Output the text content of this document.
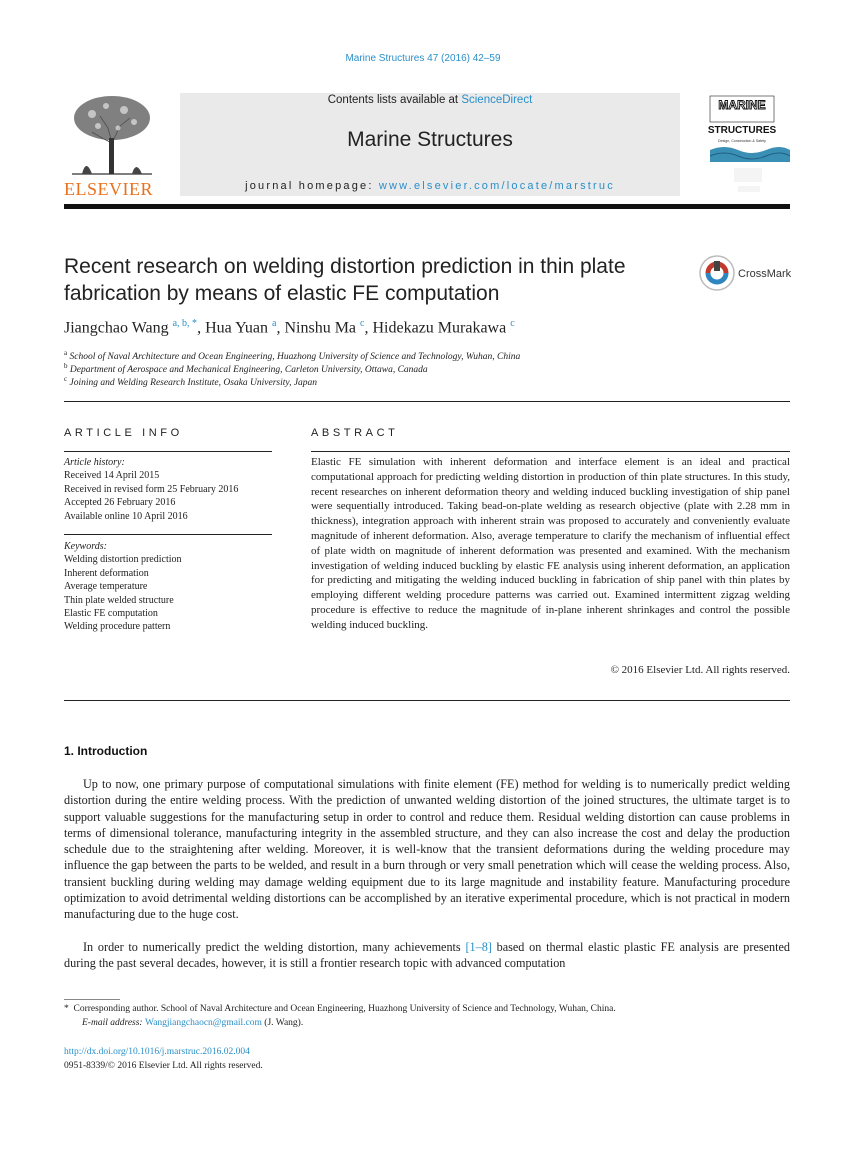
Marine Structures 47 (2016) 42–59
Contents lists available at ScienceDirect
Marine Structures
journal homepage: www.elsevier.com/locate/marstruc
ELSEVIER
MARINE
STRUCTURES
Design, Construction & Safety
Recent research on welding distortion prediction in thin plate fabrication by means of elastic FE computation
CrossMark
Jiangchao Wang $^{a, b, *}$, Hua Yuan $^a$, Ninshu Ma $^c$, Hidekazu Murakawa $^c$
$^a$ School of Naval Architecture and Ocean Engineering, Huazhong University of Science and Technology, Wuhan, China
$^b$ Department of Aerospace and Mechanical Engineering, Carleton University, Ottawa, Canada
$^c$ Joining and Welding Research Institute, Osaka University, Japan
ARTICLE INFO
Article history:
Received 14 April 2015
Received in revised form 25 February 2016
Accepted 26 February 2016
Available online 10 April 2016
Keywords:
Welding distortion prediction
Inherent deformation
Average temperature
Thin plate welded structure
Elastic FE computation
Welding procedure pattern
ABSTRACT
Elastic FE simulation with inherent deformation and interface element is an ideal and practical computational approach for predicting welding distortion in production of thin plate structures. In this study, recent researches on inherent deformation theory and welding induced buckling investigation of ship panel were sequentially introduced. Taking bead-on-plate welding as research objective (plate with 2.28 mm in thickness), integration approach with inherent strain was proposed to accurately and conveniently evaluate magnitude of inherent deformation. Also, average temperature to clarify the mechanism of influential effect of plate width on magnitude of inherent deformation was presented and examined. With the mechanism investigation of welding induced buckling by elastic FE analysis using inherent deformation, an application for predicting and mitigating the welding induced buckling in fabrication of ship panel with thin plates by employing different welding procedure patterns was carried out. Examined intermittent zigzag welding procedure is effective to reduce the magnitude of in-plane inherent shrinkages and control the possible welding induced buckling.
© 2016 Elsevier Ltd. All rights reserved.
1. Introduction
Up to now, one primary purpose of computational simulations with finite element (FE) method for welding is to numerically predict welding distortion during the entire welding process. With the prediction of unwanted welding distortion of the joined structures, the ultimate target is to support valuable suggestions for the manufacturing setup in order to control and reduce them. Residual welding distortion can cause problems in terms of dimensional tolerance, manufacturing integrity in the assembled structure, and they can also increase the cost and delay the production schedule due to the straightening after welding. Moreover, it is well-know that the transient deformations during the welding procedure may influence the gap between the parts to be welded, and result in a burn through or very small penetration which will cease the welding process. Also, transient buckling during welding may damage welding equipment due to its large magnitude and instability feature. Manufacturing procedure optimization to avoid detrimental welding distortions can be accomplished by an iterative experimental procedure, which is not practical in modern manufacturing due to the huge cost.
In order to numerically predict the welding distortion, many achievements [1–8] based on thermal elastic plastic FE analysis are presented during the past several decades, however, it is still a frontier research topic with advanced computation
* Corresponding author. School of Naval Architecture and Ocean Engineering, Huazhong University of Science and Technology, Wuhan, China.
E-mail address: Wangjiangchaocn@gmail.com (J. Wang).
http://dx.doi.org/10.1016/j.marstruc.2016.02.004
0951-8339/© 2016 Elsevier Ltd. All rights reserved.
